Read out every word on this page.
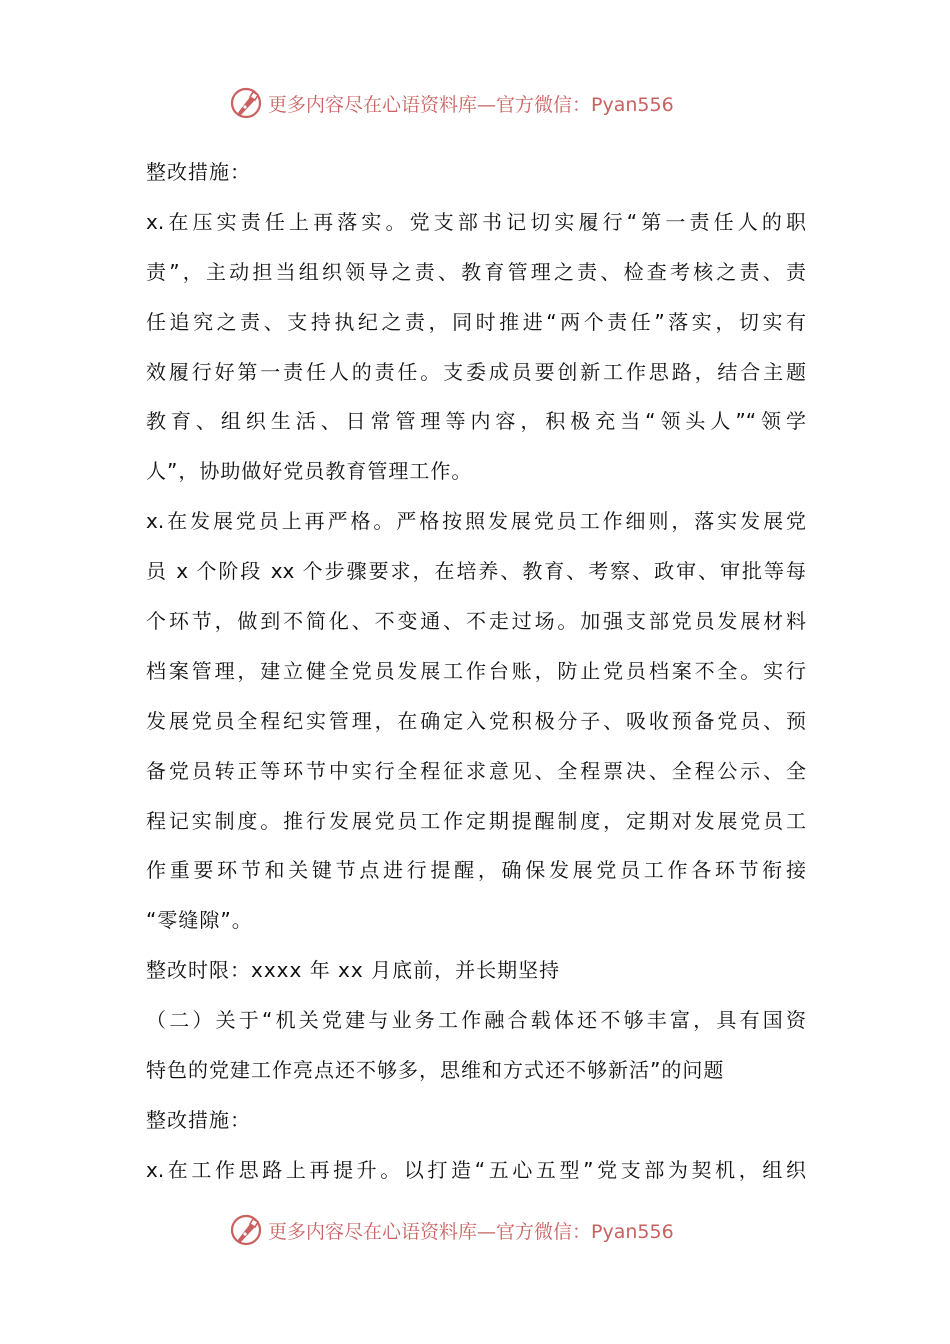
更多内容尽在心语资料库—官方微信：Pyan556
整改措施：
x.在压实责任上再落实。党支部书记切实履行“第一责任人的职
责”，主动担当组织领导之责、教育管理之责、检查考核之责、责
任追究之责、支持执纪之责，同时推进“两个责任”落实，切实有
效履行好第一责任人的责任。支委成员要创新工作思路，结合主题
教育、组织生活、日常管理等内容，积极充当“领头人”“领学
人”，协助做好党员教育管理工作。
x.在发展党员上再严格。严格按照发展党员工作细则，落实发展党
员 x 个阶段 xx 个步骤要求，在培养、教育、考察、政审、审批等每
个环节，做到不简化、不变通、不走过场。加强支部党员发展材料
档案管理，建立健全党员发展工作台账，防止党员档案不全。实行
发展党员全程纪实管理，在确定入党积极分子、吸收预备党员、预
备党员转正等环节中实行全程征求意见、全程票决、全程公示、全
程记实制度。推行发展党员工作定期提醒制度，定期对发展党员工
作重要环节和关键节点进行提醒，确保发展党员工作各环节衔接
“零缝隙”。
整改时限：xxxx 年 xx 月底前，并长期坚持
（二）关于“机关党建与业务工作融合载体还不够丰富，具有国资
特色的党建工作亮点还不够多，思维和方式还不够新活”的问题
整改措施：
x.在工作思路上再提升。以打造“五心五型”党支部为契机，组织
更多内容尽在心语资料库—官方微信：Pyan556
